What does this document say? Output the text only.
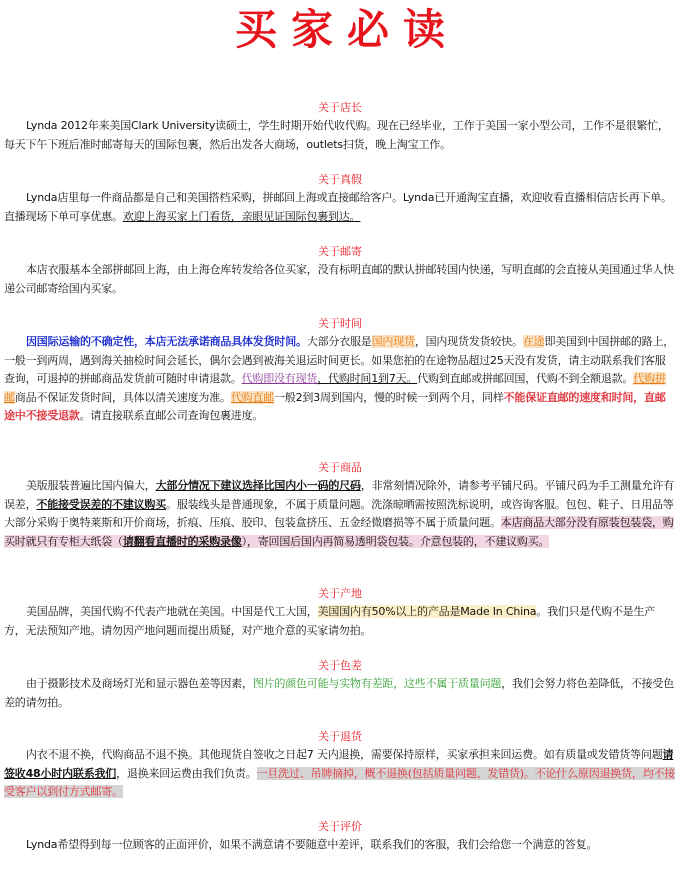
买家必读
关于店长
Lynda 2012年来美国Clark University读硕士，学生时期开始代收代购。现在已经毕业，工作于美国一家小型公司，工作不是很繁忙，每天下午下班后准时邮寄每天的国际包裹，然后出发各大商场，outlets扫货，晚上淘宝工作。
关于真假
Lynda店里每一件商品都是自己和美国搭档采购，拼邮回上海或直接邮给客户。Lynda已开通淘宝直播，欢迎收看直播相信店长再下单。直播现场下单可享优惠。欢迎上海买家上门看货，亲眼见证国际包裹到达。
关于邮寄
本店衣服基本全部拼邮回上海，由上海仓库转发给各位买家，没有标明直邮的默认拼邮转国内快递，写明直邮的会直接从美国通过华人快递公司邮寄给国内买家。
关于时间
因国际运输的不确定性，本店无法承诺商品具体发货时间。大部分衣服是国内现货，国内现货发货较快。在途即美国到中国拼邮的路上，一般一到两周，遇到海关抽检时间会延长，偶尔会遇到被海关退运时间更长。如果您拍的在途物品超过25天没有发货，请主动联系我们客服查询，可退掉的拼邮商品发货前可随时申请退款。代购即没有现货，代购时间1到7天。代购到直邮或拼邮回国，代购不到全额退款。代购拼邮商品不保证发货时间，具体以清关速度为准。代购直邮一般2到3周到国内，慢的时候一到两个月，同样不能保证直邮的速度和时间，直邮途中不接受退款。请直接联系直邮公司查询包裹进度。
关于商品
美版服装普遍比国内偏大，大部分情况下建议选择比国内小一码的尺码，非常刻情况除外，请参考平铺尺码。平铺尺码为手工测量允许有误差，不能接受误差的不建议购买。服装线头是普通现象，不属于质量问题。洗涤晾晒需按照洗标说明，或咨询客服。包包、鞋子、日用品等大部分采购于奥特莱斯和开价商场，折痕、压痕、胶印、包装盒挤压、五金经微磨损等不属于质量问题。本店商品大部分没有原装包装袋，购买时就只有专柜大纸袋（请翻看直播时的采购录像），寄回国后国内再简易透明袋包装。介意包装的，不建议购买。
关于产地
美国品牌，美国代购不代表产地就在美国。中国是代工大国，美国国内有50%以上的产品是Made In China。我们只是代购不是生产方，无法预知产地。请勿因产地问题而提出质疑，对产地介意的买家请勿拍。
关于色差
由于摄影技术及商场灯光和显示器色差等因素，图片的颜色可能与实物有差距，这些不属于质量问题，我们会努力将色差降低，不接受色差的请勿拍。
关于退货
内衣不退不换，代购商品不退不换。其他现货自签收之日起7 天内退换，需要保持原样，买家承担来回运费。如有质量或发错货等问题请签收48小时内联系我们，退换来回运费由我们负责。一旦洗过、吊牌摘掉，概不退换(包括质量问题、发错货)。不论什么原因退换货，均不接受客户以到付方式邮寄。
关于评价
Lynda希望得到每一位顾客的正面评价，如果不满意请不要随意中差评，联系我们的客服，我们会给您一个满意的答复。
